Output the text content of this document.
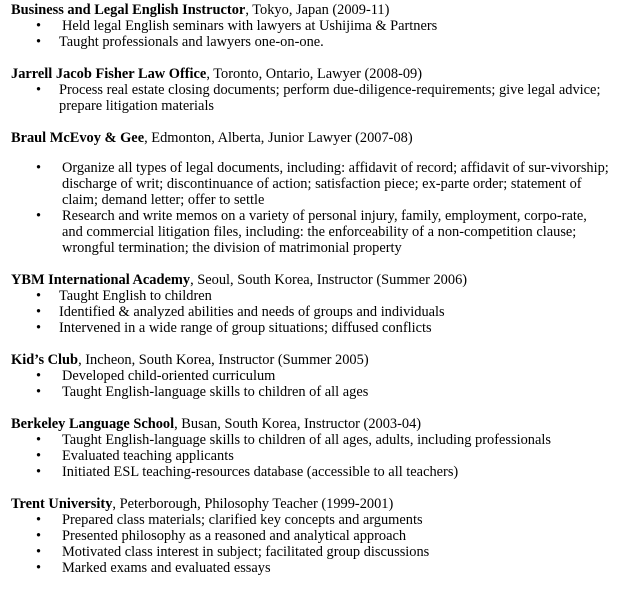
Business and Legal English Instructor, Tokyo, Japan (2009-11)
• Held legal English seminars with lawyers at Ushijima & Partners
• Taught professionals and lawyers one-on-one.
Jarrell Jacob Fisher Law Office, Toronto, Ontario, Lawyer (2008-09)
• Process real estate closing documents; perform due-diligence-requirements; give legal advice; prepare litigation materials
Braul McEvoy & Gee, Edmonton, Alberta, Junior Lawyer (2007-08)
• Organize all types of legal documents, including: affidavit of record; affidavit of sur-vivorship; discharge of writ; discontinuance of action; satisfaction piece; ex-parte order; statement of claim; demand letter; offer to settle
• Research and write memos on a variety of personal injury, family, employment, corpo-rate, and commercial litigation files, including: the enforceability of a non-competition clause; wrongful termination; the division of matrimonial property
YBM International Academy, Seoul, South Korea, Instructor (Summer 2006)
• Taught English to children
• Identified & analyzed abilities and needs of groups and individuals
• Intervened in a wide range of group situations; diffused conflicts
Kid’s Club, Incheon, South Korea, Instructor (Summer 2005)
• Developed child-oriented curriculum
• Taught English-language skills to children of all ages
Berkeley Language School, Busan, South Korea, Instructor (2003-04)
• Taught English-language skills to children of all ages, adults, including professionals
• Evaluated teaching applicants
• Initiated ESL teaching-resources database (accessible to all teachers)
Trent University, Peterborough, Philosophy Teacher (1999-2001)
• Prepared class materials; clarified key concepts and arguments
• Presented philosophy as a reasoned and analytical approach
• Motivated class interest in subject; facilitated group discussions
• Marked exams and evaluated essays
